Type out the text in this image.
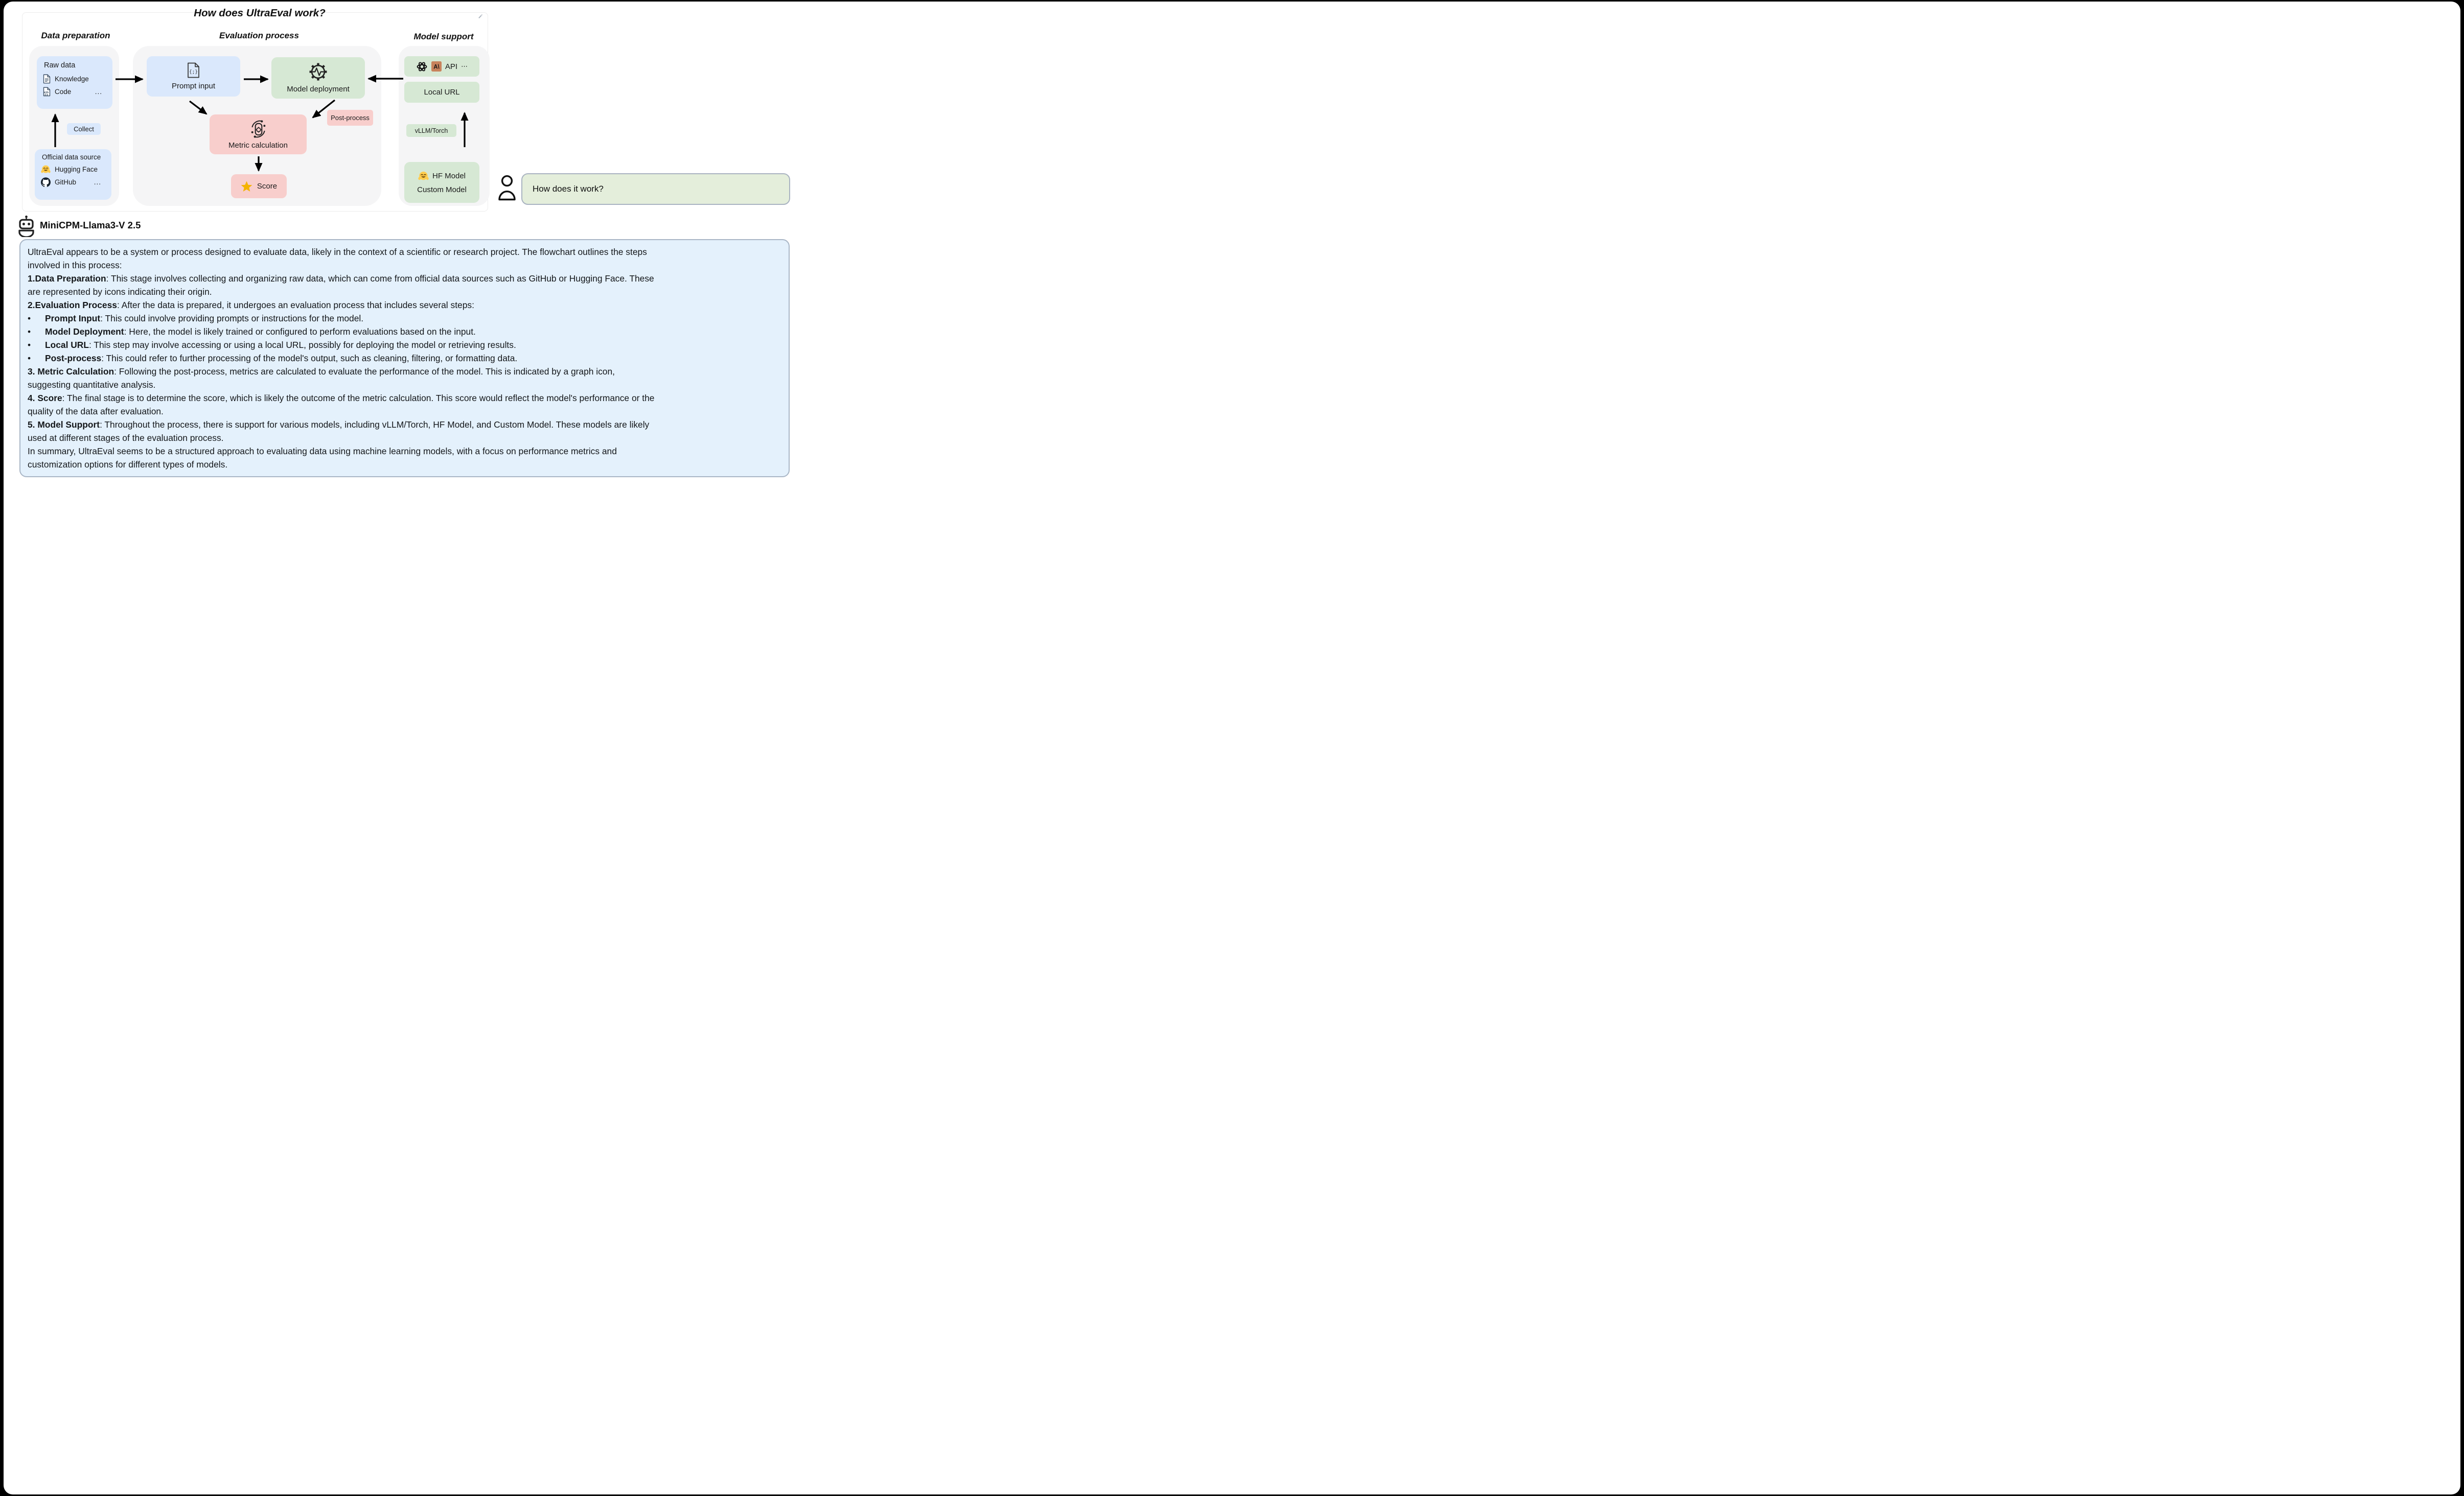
How does UltraEval work?
Data preparation	Evaluation process	Model support
Raw data
Knowledge
Code	...
Collect
Official data source
Hugging Face
GitHub	...
{;}
Prompt input	Model deployment
Post-process
Metric calculation
Score
A\ API ⋯
Local URL
vLLM/Torch
HF Model
Custom Model	How does it work?
MiniCPM-Llama3-V 2.5
UltraEval appears to be a system or process designed to evaluate data, likely in the context of a scientific or research project. The flowchart outlines the steps
involved in this process:
1.Data Preparation: This stage involves collecting and organizing raw data, which can come from official data sources such as GitHub or Hugging Face. These
are represented by icons indicating their origin.
2.Evaluation Process: After the data is prepared, it undergoes an evaluation process that includes several steps:
• Prompt Input: This could involve providing prompts or instructions for the model.
• Model Deployment: Here, the model is likely trained or configured to perform evaluations based on the input.
• Local URL: This step may involve accessing or using a local URL, possibly for deploying the model or retrieving results.
• Post-process: This could refer to further processing of the model's output, such as cleaning, filtering, or formatting data.
3. Metric Calculation: Following the post-process, metrics are calculated to evaluate the performance of the model. This is indicated by a graph icon,
suggesting quantitative analysis.
4. Score: The final stage is to determine the score, which is likely the outcome of the metric calculation. This score would reflect the model's performance or the
quality of the data after evaluation.
5. Model Support: Throughout the process, there is support for various models, including vLLM/Torch, HF Model, and Custom Model. These models are likely
used at different stages of the evaluation process.
In summary, UltraEval seems to be a structured approach to evaluating data using machine learning models, with a focus on performance metrics and
customization options for different types of models.
